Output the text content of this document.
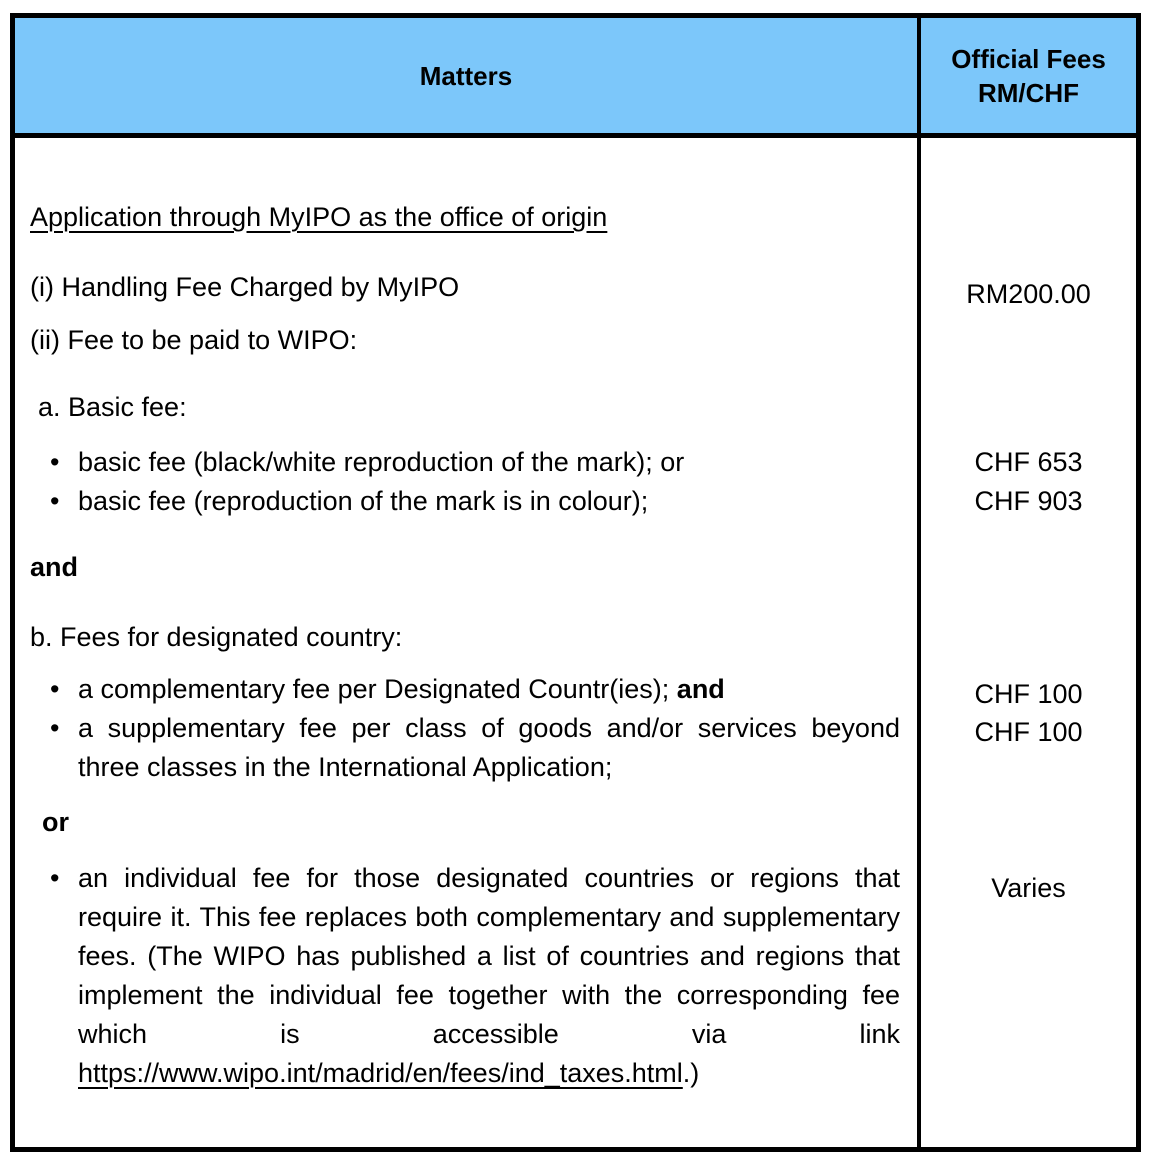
Matters
Official Fees
RM/CHF
Application through MyIPO as the office of origin
(i) Handling Fee Charged by MyIPO
(ii) Fee to be paid to WIPO:
a. Basic fee:
• basic fee (black/white reproduction of the mark); or
• basic fee (reproduction of the mark is in colour);
and
b. Fees for designated country:
• a complementary fee per Designated Countr(ies); and
• a supplementary fee per class of goods and/or services beyond three classes in the International Application;
or
• an individual fee for those designated countries or regions that require it. This fee replaces both complementary and supplementary fees. (The WIPO has published a list of countries and regions that implement the individual fee together with the corresponding fee which is accessible via link https://www.wipo.int/madrid/en/fees/ind_taxes.html.)
RM200.00
CHF 653
CHF 903
CHF 100
CHF 100
Varies
